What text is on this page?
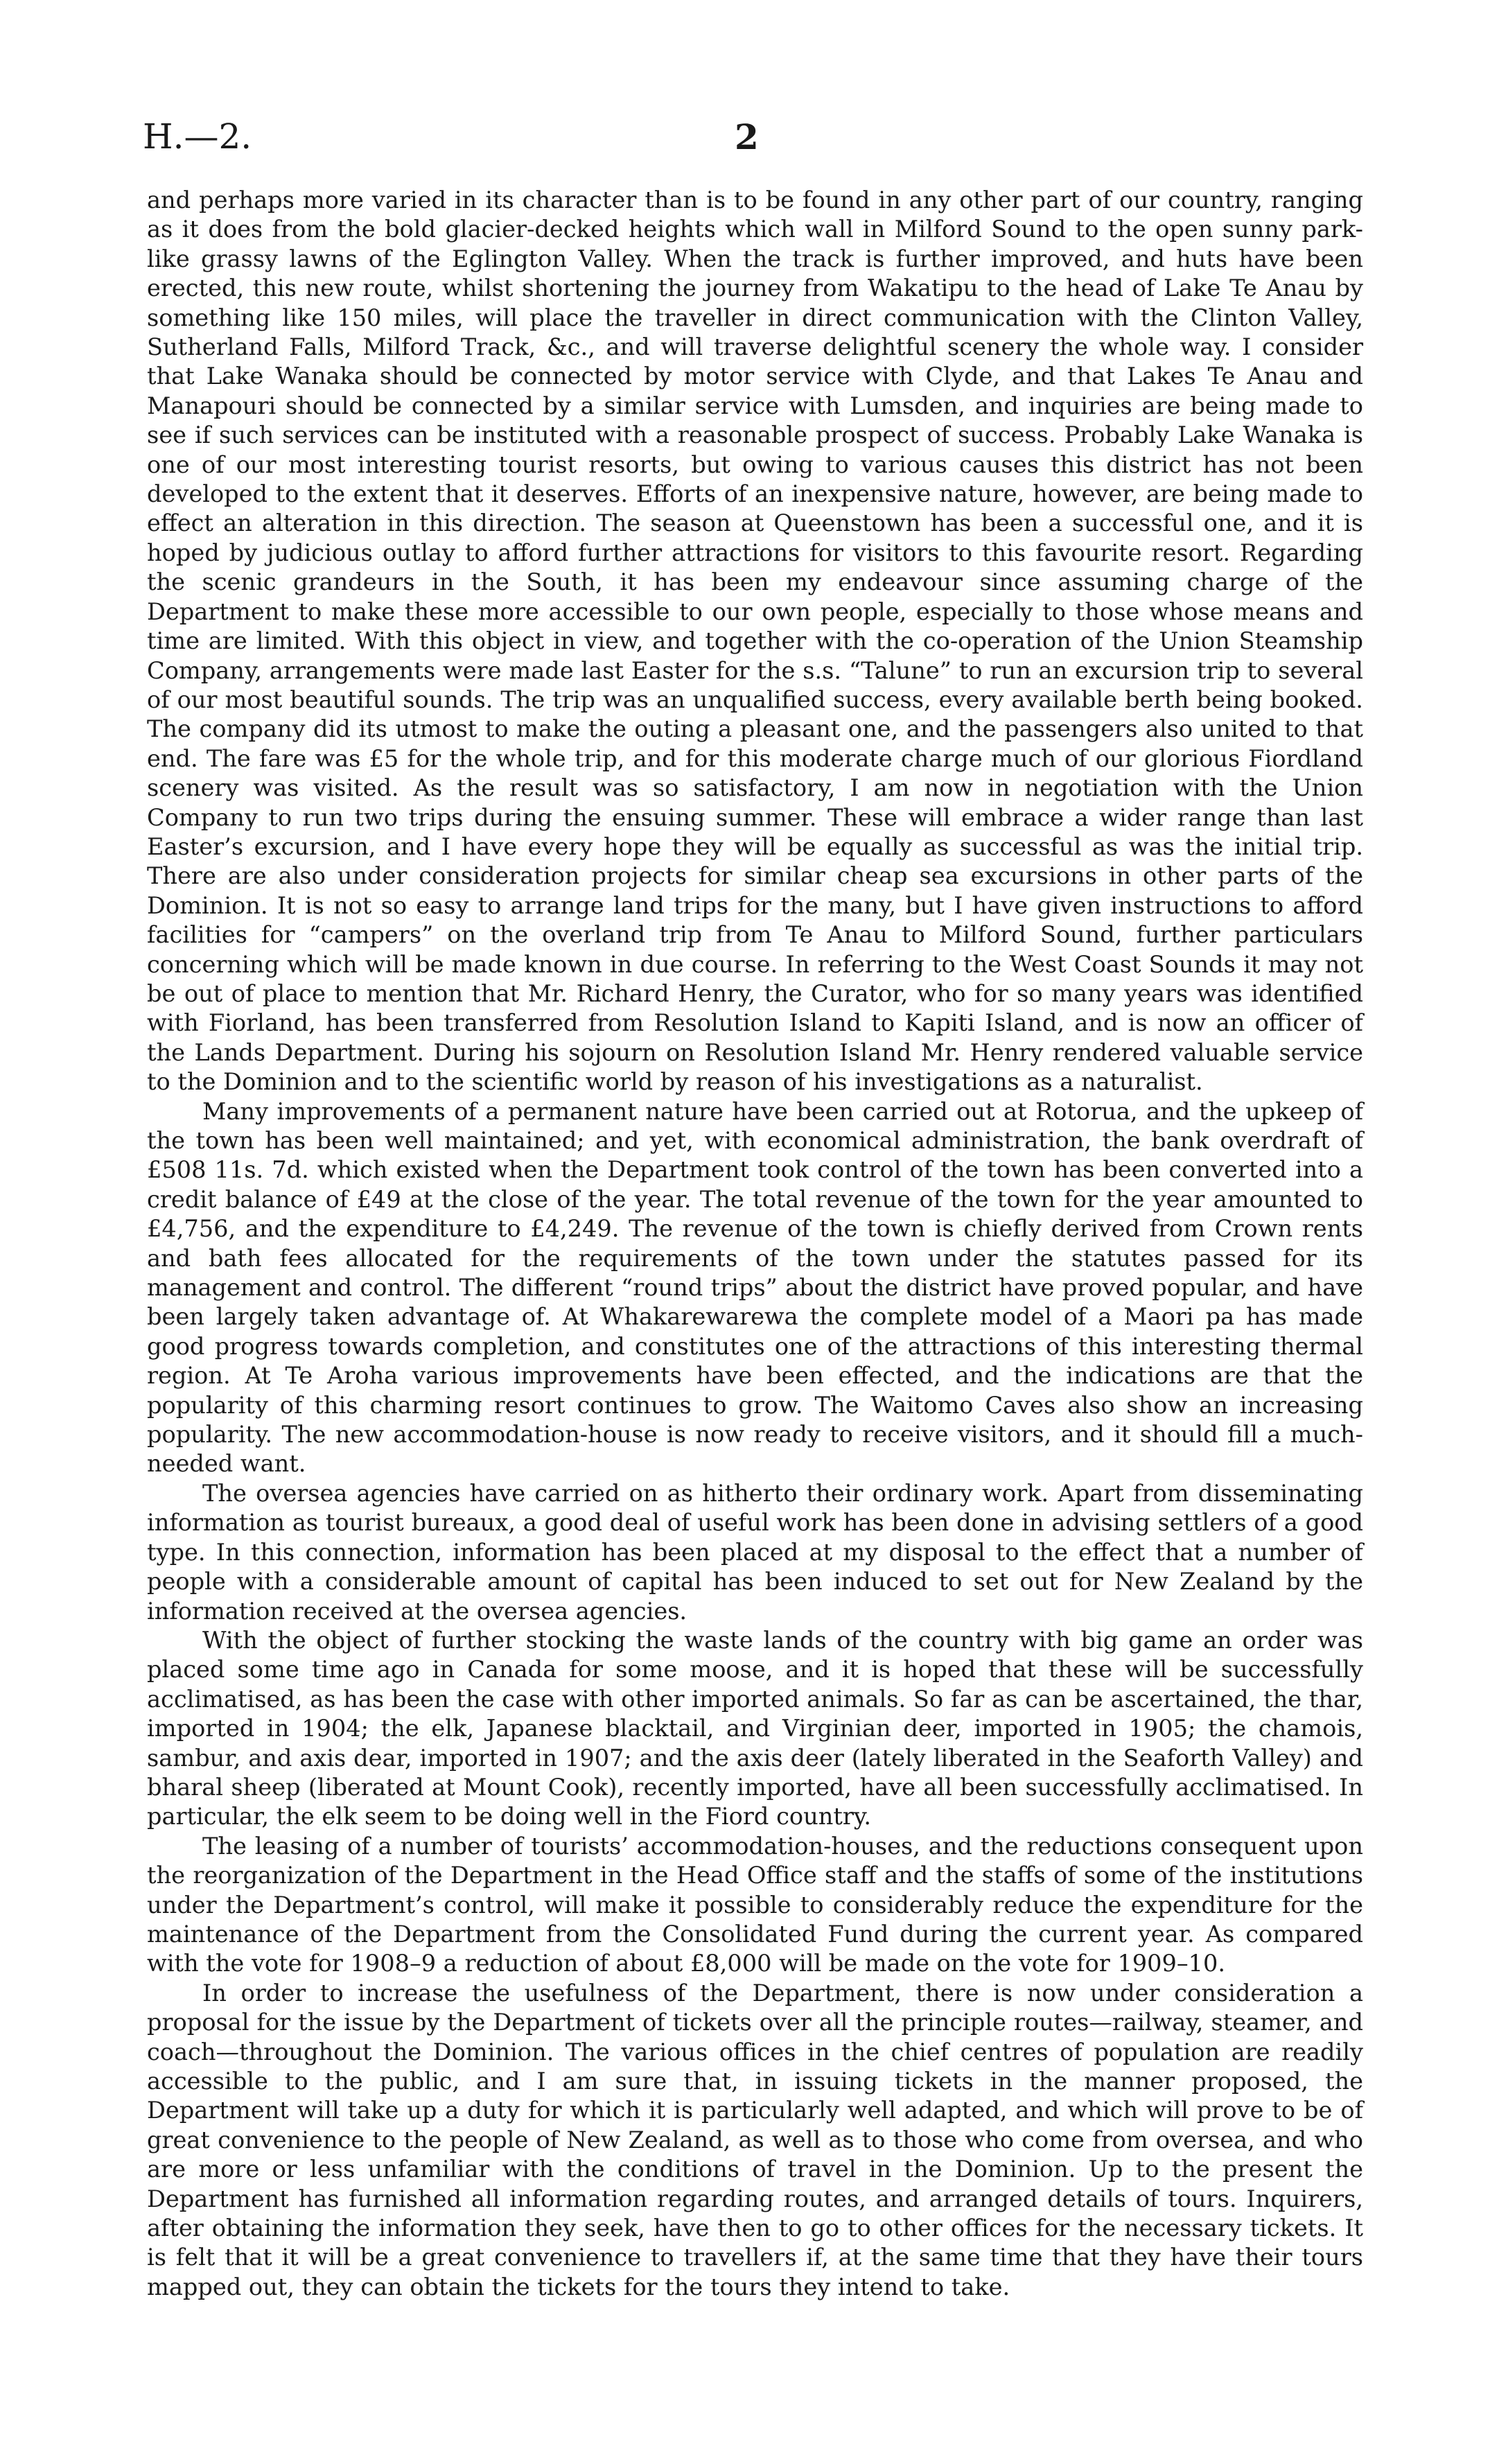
H.—2.	2

and perhaps more varied in its character than is to be found in any other part of our country, ranging as it does from the bold glacier-decked heights which wall in Milford Sound to the open sunny park-like grassy lawns of the Eglington Valley. When the track is further improved, and huts have been erected, this new route, whilst shortening the journey from Wakatipu to the head of Lake Te Anau by something like 150 miles, will place the traveller in direct communication with the Clinton Valley, Sutherland Falls, Milford Track, &c., and will traverse delightful scenery the whole way. I consider that Lake Wanaka should be connected by motor service with Clyde, and that Lakes Te Anau and Manapouri should be connected by a similar service with Lumsden, and inquiries are being made to see if such services can be instituted with a reasonable prospect of success. Probably Lake Wanaka is one of our most interesting tourist resorts, but owing to various causes this district has not been developed to the extent that it deserves. Efforts of an inexpensive nature, however, are being made to effect an alteration in this direction. The season at Queenstown has been a successful one, and it is hoped by judicious outlay to afford further attractions for visitors to this favourite resort. Regarding the scenic grandeurs in the South, it has been my endeavour since assuming charge of the Department to make these more accessible to our own people, especially to those whose means and time are limited. With this object in view, and together with the co-operation of the Union Steamship Company, arrangements were made last Easter for the s.s. “Talune” to run an excursion trip to several of our most beautiful sounds. The trip was an unqualified success, every available berth being booked. The company did its utmost to make the outing a pleasant one, and the passengers also united to that end. The fare was £5 for the whole trip, and for this moderate charge much of our glorious Fiordland scenery was visited. As the result was so satisfactory, I am now in negotiation with the Union Company to run two trips during the ensuing summer. These will embrace a wider range than last Easter’s excursion, and I have every hope they will be equally as successful as was the initial trip. There are also under consideration projects for similar cheap sea excursions in other parts of the Dominion. It is not so easy to arrange land trips for the many, but I have given instructions to afford facilities for “campers” on the overland trip from Te Anau to Milford Sound, further particulars concerning which will be made known in due course. In referring to the West Coast Sounds it may not be out of place to mention that Mr. Richard Henry, the Curator, who for so many years was identified with Fiorland, has been transferred from Resolution Island to Kapiti Island, and is now an officer of the Lands Department. During his sojourn on Resolution Island Mr. Henry rendered valuable service to the Dominion and to the scientific world by reason of his investigations as a naturalist.

Many improvements of a permanent nature have been carried out at Rotorua, and the upkeep of the town has been well maintained; and yet, with economical administration, the bank overdraft of £508 11s. 7d. which existed when the Department took control of the town has been converted into a credit balance of £49 at the close of the year. The total revenue of the town for the year amounted to £4,756, and the expenditure to £4,249. The revenue of the town is chiefly derived from Crown rents and bath fees allocated for the requirements of the town under the statutes passed for its management and control. The different “round trips” about the district have proved popular, and have been largely taken advantage of. At Whakarewarewa the complete model of a Maori pa has made good progress towards completion, and constitutes one of the attractions of this interesting thermal region. At Te Aroha various improvements have been effected, and the indications are that the popularity of this charming resort continues to grow. The Waitomo Caves also show an increasing popularity. The new accommodation-house is now ready to receive visitors, and it should fill a much-needed want.

The oversea agencies have carried on as hitherto their ordinary work. Apart from disseminating information as tourist bureaux, a good deal of useful work has been done in advising settlers of a good type. In this connection, information has been placed at my disposal to the effect that a number of people with a considerable amount of capital has been induced to set out for New Zealand by the information received at the oversea agencies.

With the object of further stocking the waste lands of the country with big game an order was placed some time ago in Canada for some moose, and it is hoped that these will be successfully acclimatised, as has been the case with other imported animals. So far as can be ascertained, the thar, imported in 1904; the elk, Japanese blacktail, and Virginian deer, imported in 1905; the chamois, sambur, and axis dear, imported in 1907; and the axis deer (lately liberated in the Seaforth Valley) and bharal sheep (liberated at Mount Cook), recently imported, have all been successfully acclimatised. In particular, the elk seem to be doing well in the Fiord country.

The leasing of a number of tourists’ accommodation-houses, and the reductions consequent upon the reorganization of the Department in the Head Office staff and the staffs of some of the institutions under the Department’s control, will make it possible to considerably reduce the expenditure for the maintenance of the Department from the Consolidated Fund during the current year. As compared with the vote for 1908–9 a reduction of about £8,000 will be made on the vote for 1909–10.

In order to increase the usefulness of the Department, there is now under consideration a proposal for the issue by the Department of tickets over all the principle routes—railway, steamer, and coach—throughout the Dominion. The various offices in the chief centres of population are readily accessible to the public, and I am sure that, in issuing tickets in the manner proposed, the Department will take up a duty for which it is particularly well adapted, and which will prove to be of great convenience to the people of New Zealand, as well as to those who come from oversea, and who are more or less unfamiliar with the conditions of travel in the Dominion. Up to the present the Department has furnished all information regarding routes, and arranged details of tours. Inquirers, after obtaining the information they seek, have then to go to other offices for the necessary tickets. It is felt that it will be a great convenience to travellers if, at the same time that they have their tours mapped out, they can obtain the tickets for the tours they intend to take.
